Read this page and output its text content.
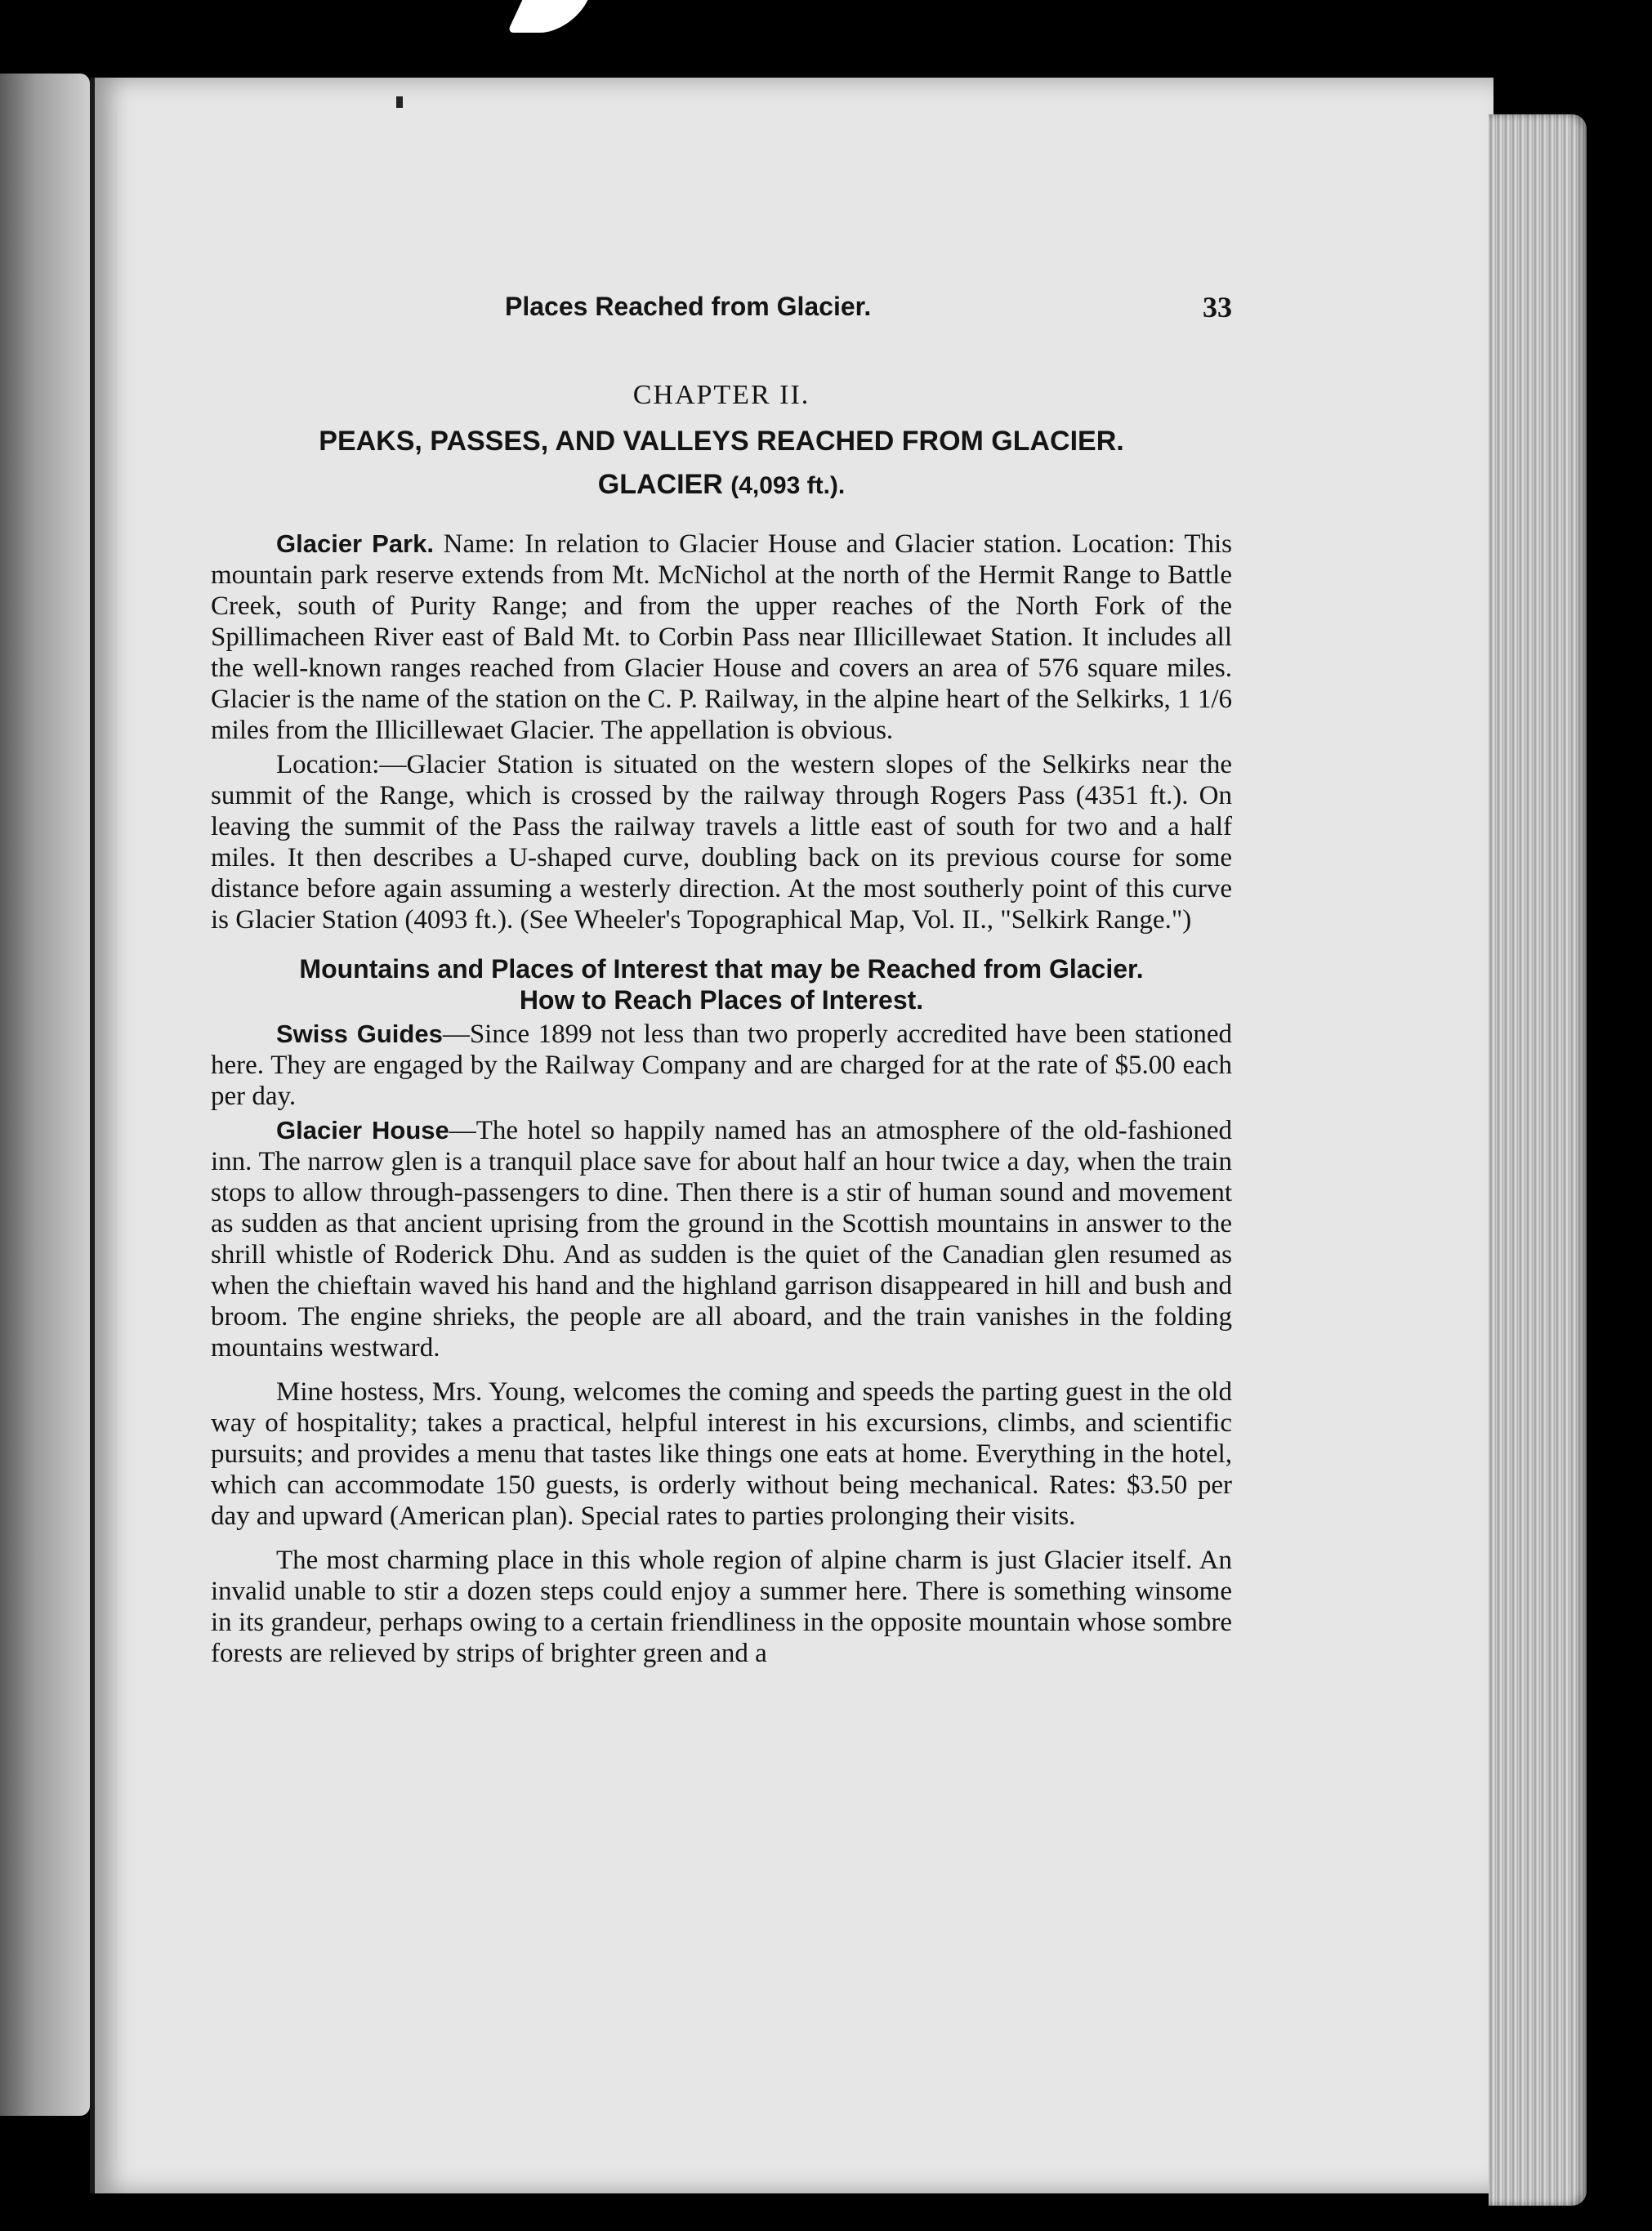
Places Reached from Glacier.	33
CHAPTER II.
PEAKS, PASSES, AND VALLEYS REACHED FROM GLACIER.
GLACIER (4,093 ft.).

Glacier Park. Name: In relation to Glacier House and Glacier station. Location: This mountain park reserve extends from Mt. McNichol at the north of the Hermit Range to Battle Creek, south of Purity Range; and from the upper reaches of the North Fork of the Spillimacheen River east of Bald Mt. to Corbin Pass near Illicillewaet Station. It includes all the well-known ranges reached from Glacier House and covers an area of 576 square miles. Glacier is the name of the station on the C. P. Railway, in the alpine heart of the Selkirks, 1 1/6 miles from the Illicillewaet Glacier. The appellation is obvious.

Location:—Glacier Station is situated on the western slopes of the Selkirks near the summit of the Range, which is crossed by the railway through Rogers Pass (4351 ft.). On leaving the summit of the Pass the railway travels a little east of south for two and a half miles. It then describes a U-shaped curve, doubling back on its previous course for some distance before again assuming a westerly direction. At the most southerly point of this curve is Glacier Station (4093 ft.). (See Wheeler's Topographical Map, Vol. II., "Selkirk Range.")

Mountains and Places of Interest that may be Reached from Glacier.
How to Reach Places of Interest.

Swiss Guides—Since 1899 not less than two properly accredited have been stationed here. They are engaged by the Railway Company and are charged for at the rate of $5.00 each per day.

Glacier House—The hotel so happily named has an atmosphere of the old-fashioned inn. The narrow glen is a tranquil place save for about half an hour twice a day, when the train stops to allow through-passengers to dine. Then there is a stir of human sound and movement as sudden as that ancient uprising from the ground in the Scottish mountains in answer to the shrill whistle of Roderick Dhu. And as sudden is the quiet of the Canadian glen resumed as when the chieftain waved his hand and the highland garrison disappeared in hill and bush and broom. The engine shrieks, the people are all aboard, and the train vanishes in the folding mountains westward.

Mine hostess, Mrs. Young, welcomes the coming and speeds the parting guest in the old way of hospitality; takes a practical, helpful interest in his excursions, climbs, and scientific pursuits; and provides a menu that tastes like things one eats at home. Everything in the hotel, which can accommodate 150 guests, is orderly without being mechanical. Rates: $3.50 per day and upward (American plan). Special rates to parties prolonging their visits.

The most charming place in this whole region of alpine charm is just Glacier itself. An invalid unable to stir a dozen steps could enjoy a summer here. There is something winsome in its grandeur, perhaps owing to a certain friendliness in the opposite mountain whose sombre forests are relieved by strips of brighter green and a
